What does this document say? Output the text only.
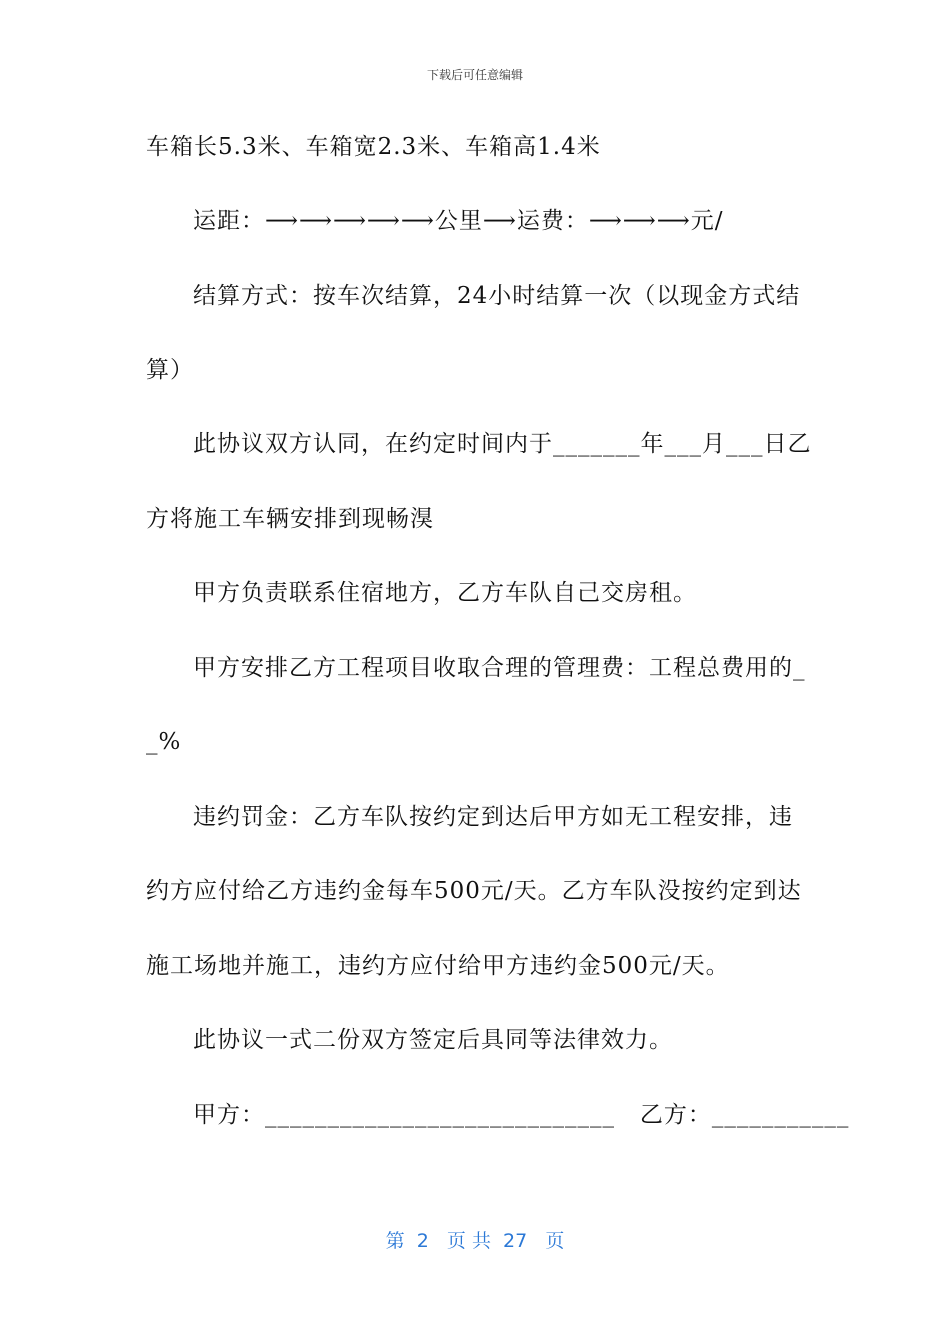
下载后可任意编辑
车箱长5.3米、车箱宽2.3米、车箱高1.4米
运距：⟶⟶⟶⟶⟶公里⟶运费：⟶⟶⟶元/
结算方式：按车次结算，24小时结算一次（以现金方式结
算）
此协议双方认同，在约定时间内于_______年___月___日乙
方将施工车辆安排到现畅湨
甲方负责联系住宿地方，乙方车队自己交房租。
甲方安排乙方工程项目收取合理的管理费：工程总费用的_
_%
违约罚金：乙方车队按约定到达后甲方如无工程安排，违
约方应付给乙方违约金每车500元/天。乙方车队没按约定到达
施工场地并施工，违约方应付给甲方违约金500元/天。
此协议一式二份双方签定后具同等法律效力。
甲方：____________________________   乙方：___________
第  2   页 共  27   页
